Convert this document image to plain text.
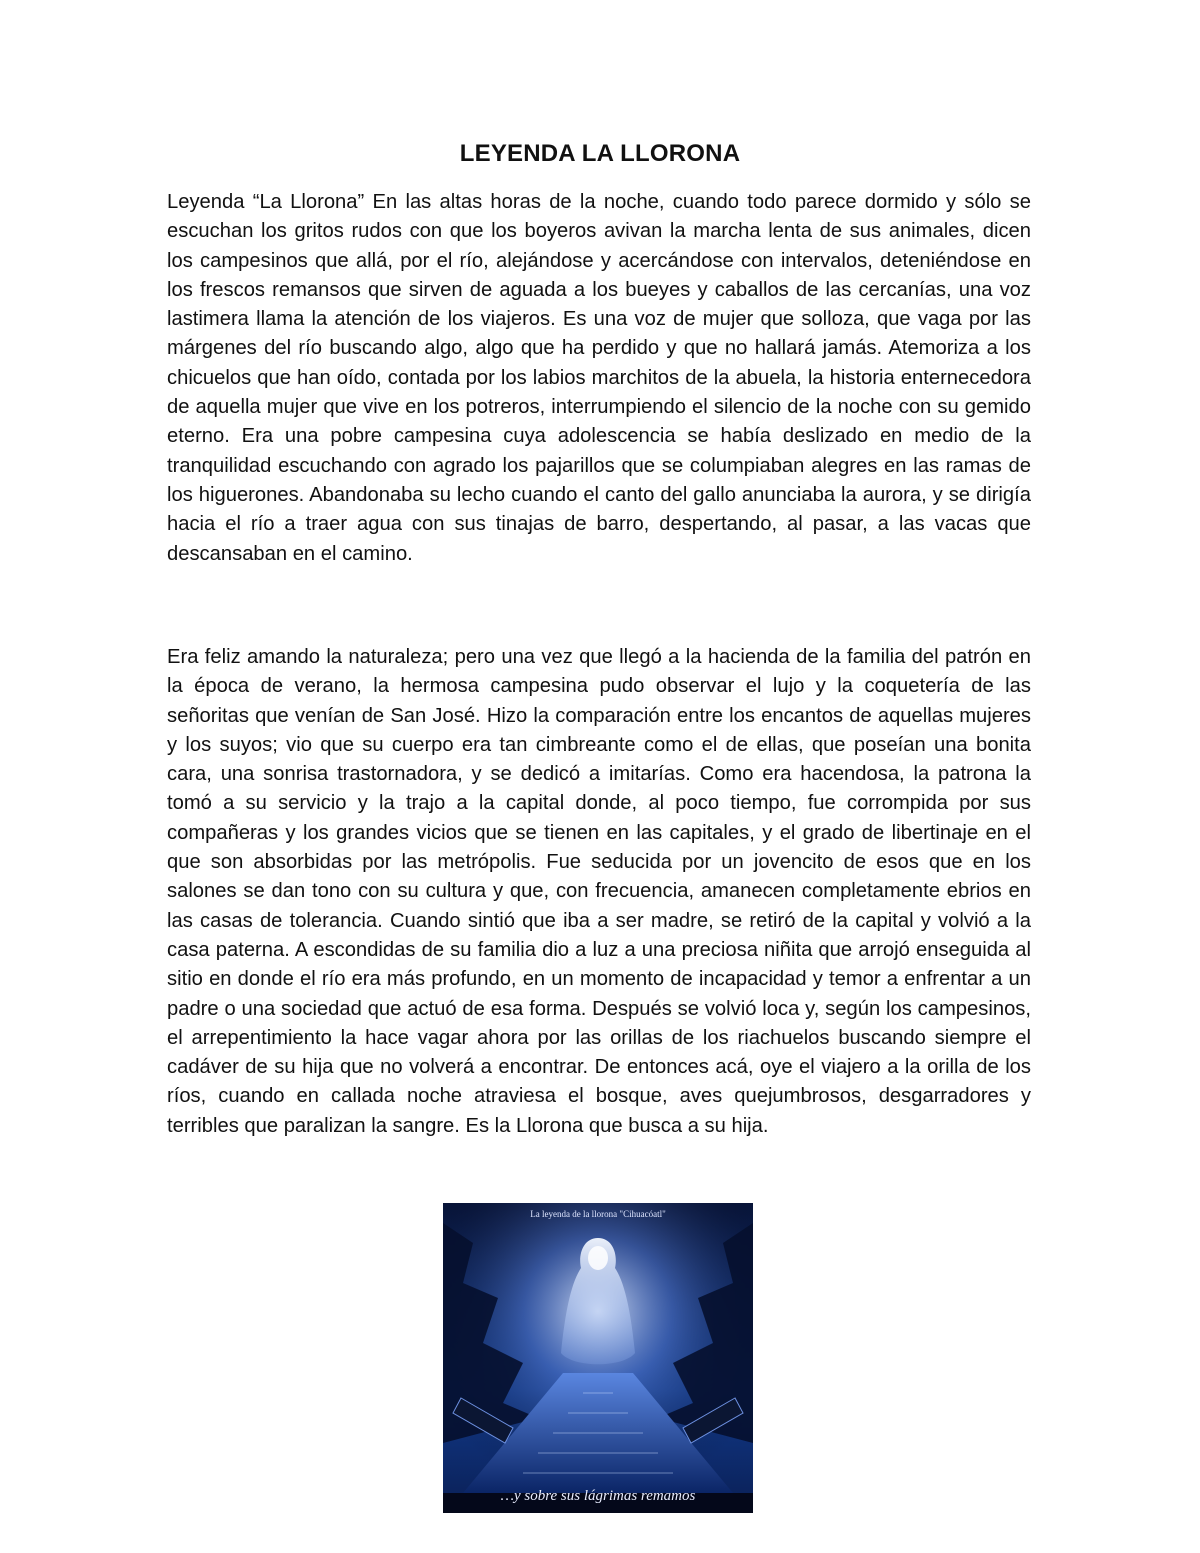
LEYENDA LA LLORONA

Leyenda “La Llorona” En las altas horas de la noche, cuando todo parece dormido y sólo se escuchan los gritos rudos con que los boyeros avivan la marcha lenta de sus animales, dicen los campesinos que allá, por el río, alejándose y acercándose con intervalos, deteniéndose en los frescos remansos que sirven de aguada a los bueyes y caballos de las cercanías, una voz lastimera llama la atención de los viajeros. Es una voz de mujer que solloza, que vaga por las márgenes del río buscando algo, algo que ha perdido y que no hallará jamás. Atemoriza a los chicuelos que han oído, contada por los labios marchitos de la abuela, la historia enternecedora de aquella mujer que vive en los potreros, interrumpiendo el silencio de la noche con su gemido eterno. Era una pobre campesina cuya adolescencia se había deslizado en medio de la tranquilidad escuchando con agrado los pajarillos que se columpiaban alegres en las ramas de los higuerones. Abandonaba su lecho cuando el canto del gallo anunciaba la aurora, y se dirigía hacia el río a traer agua con sus tinajas de barro, despertando, al pasar, a las vacas que descansaban en el camino.

Era feliz amando la naturaleza; pero una vez que llegó a la hacienda de la familia del patrón en la época de verano, la hermosa campesina pudo observar el lujo y la coquetería de las señoritas que venían de San José. Hizo la comparación entre los encantos de aquellas mujeres y los suyos; vio que su cuerpo era tan cimbreante como el de ellas, que poseían una bonita cara, una sonrisa trastornadora, y se dedicó a imitarías. Como era hacendosa, la patrona la tomó a su servicio y la trajo a la capital donde, al poco tiempo, fue corrompida por sus compañeras y los grandes vicios que se tienen en las capitales, y el grado de libertinaje en el que son absorbidas por las metrópolis. Fue seducida por un jovencito de esos que en los salones se dan tono con su cultura y que, con frecuencia, amanecen completamente ebrios en las casas de tolerancia. Cuando sintió que iba a ser madre, se retiró de la capital y volvió a la casa paterna. A escondidas de su familia dio a luz a una preciosa niñita que arrojó enseguida al sitio en donde el río era más profundo, en un momento de incapacidad y temor a enfrentar a un padre o una sociedad que actuó de esa forma. Después se volvió loca y, según los campesinos, el arrepentimiento la hace vagar ahora por las orillas de los riachuelos buscando siempre el cadáver de su hija que no volverá a encontrar. De entonces acá, oye el viajero a la orilla de los ríos, cuando en callada noche atraviesa el bosque, aves quejumbrosos, desgarradores y terribles que paralizan la sangre. Es la Llorona que busca a su hija.

La leyenda de la llorona "Cihuacóatl"
…y sobre sus lágrimas remamos
